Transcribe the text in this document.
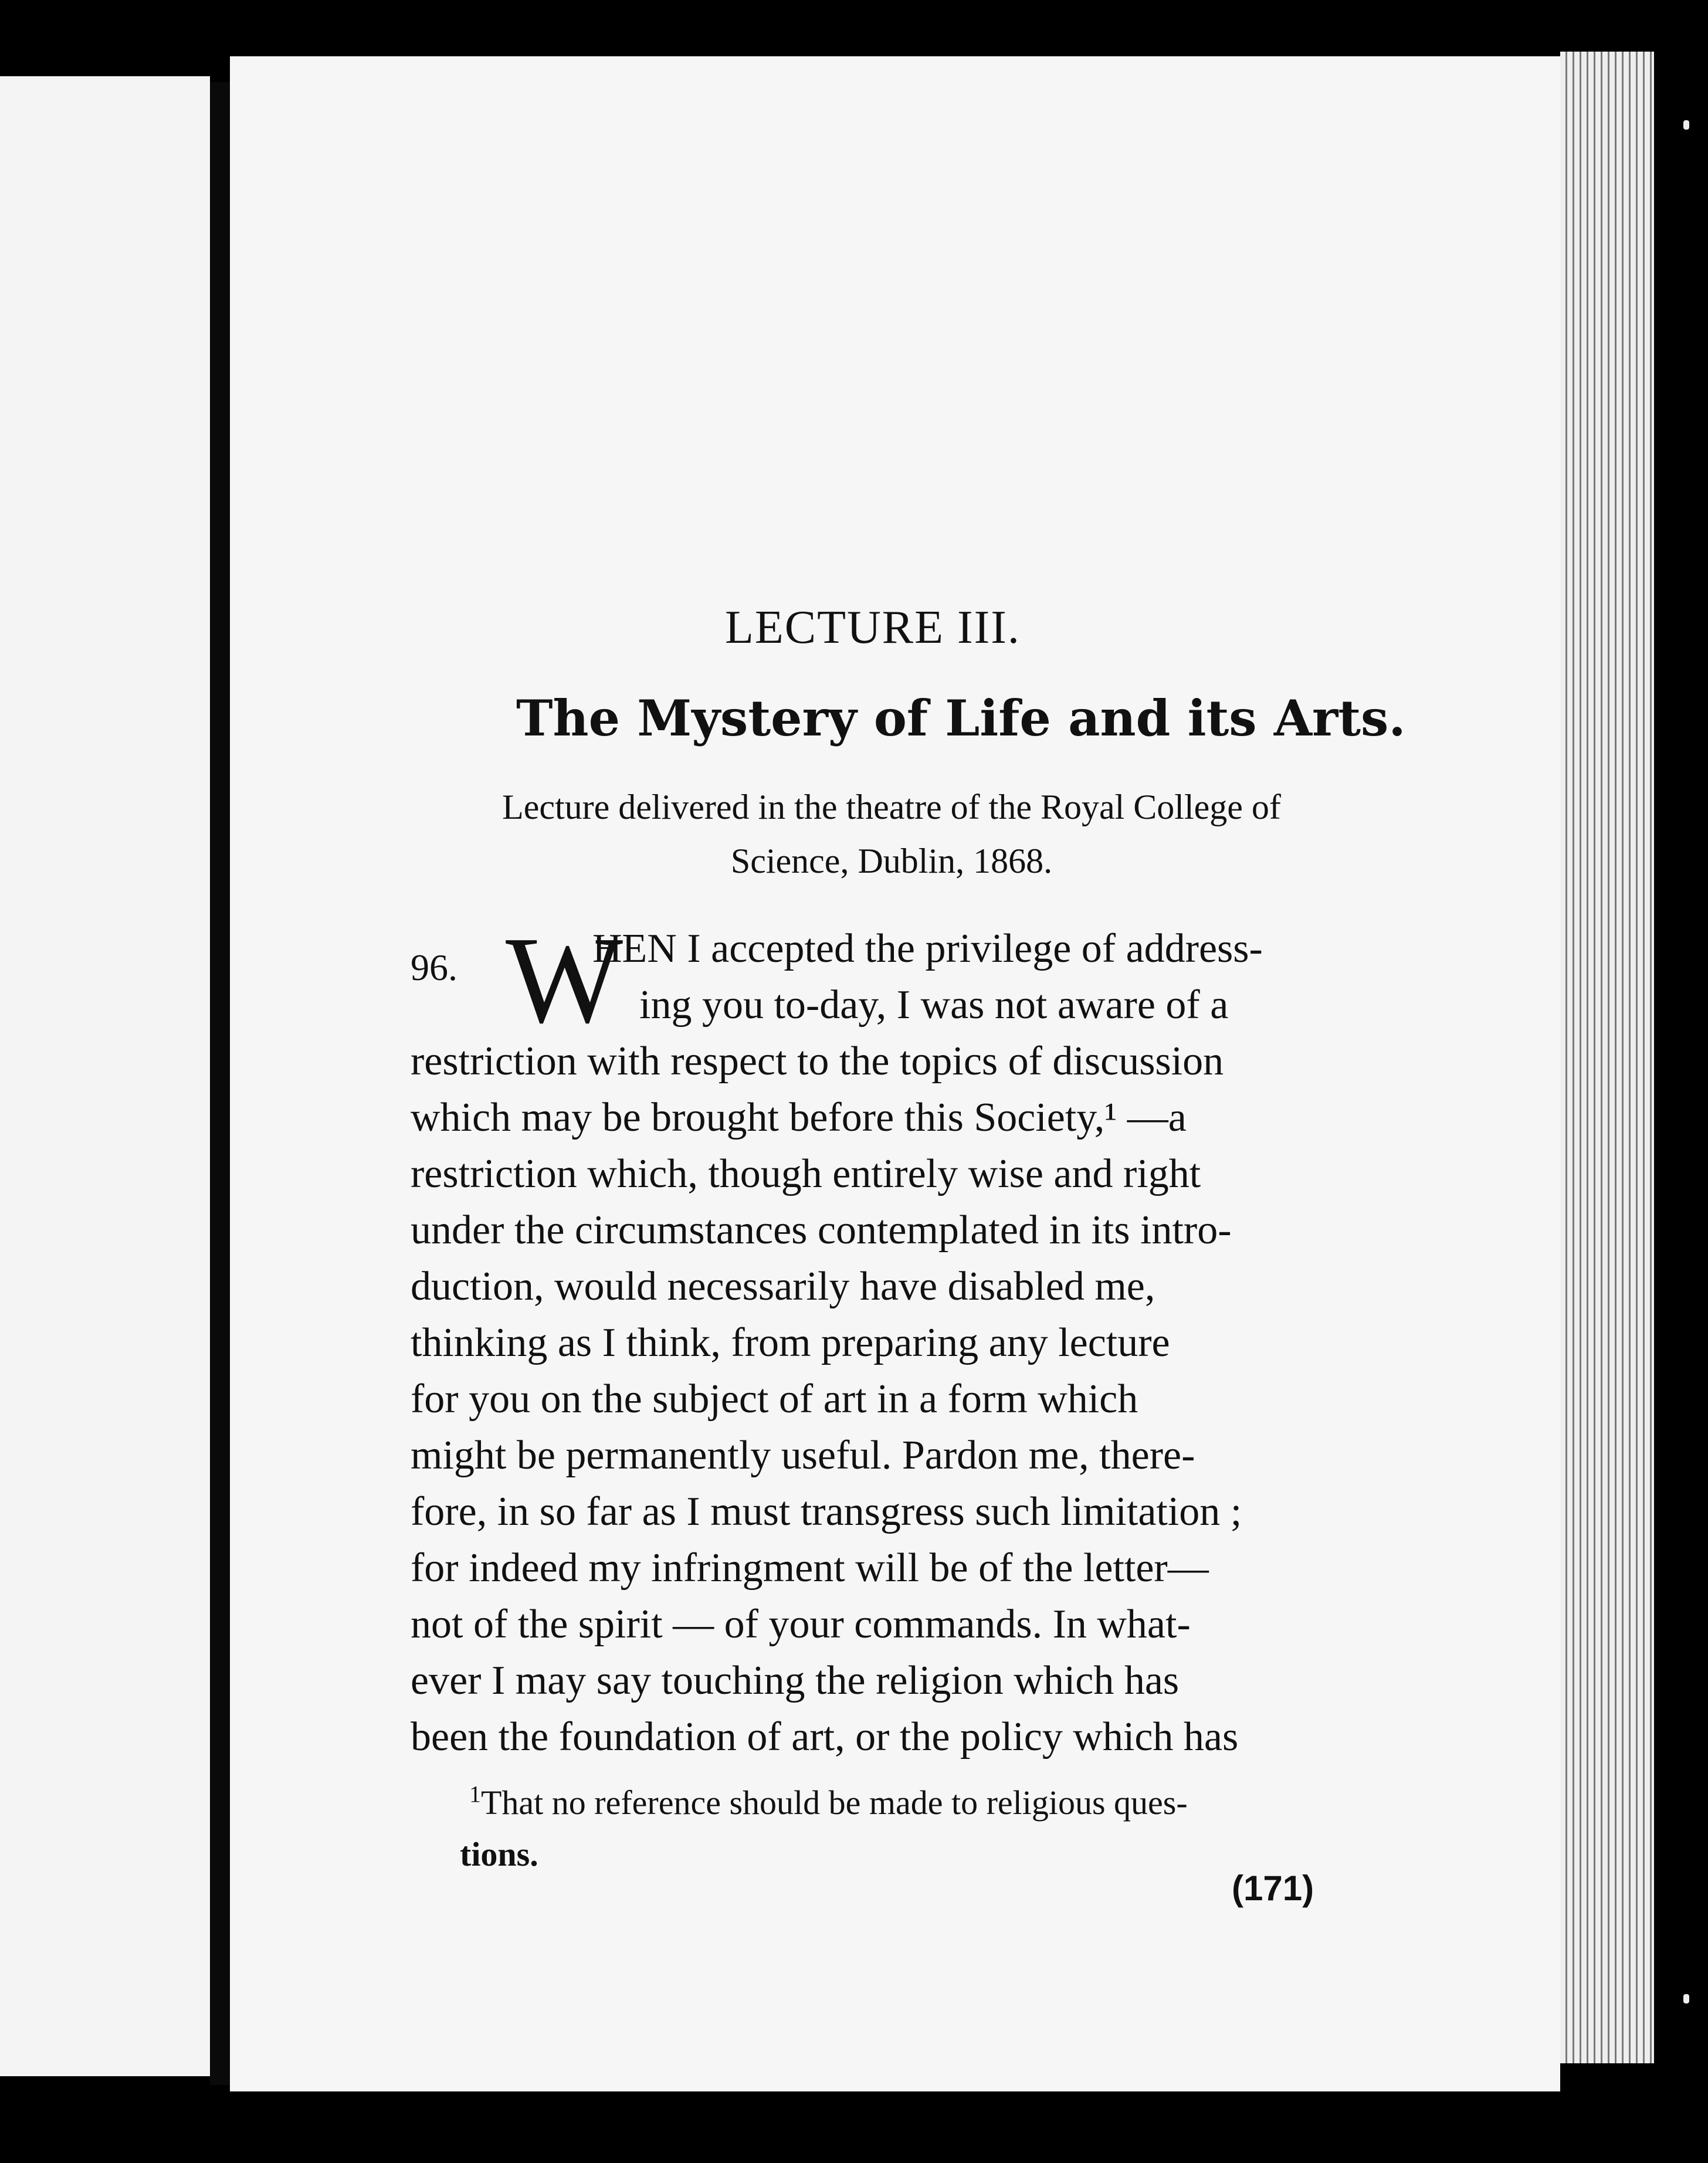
LECTURE III.
The Mystery of Life and its Arts.
Lecture delivered in the theatre of the Royal College of
Science, Dublin, 1868.
96. W
HEN I accepted the privilege of address-
ing you to-day, I was not aware of a
restriction with respect to the topics of discussion
which may be brought before this Society,¹ —a
restriction which, though entirely wise and right
under the circumstances contemplated in its intro-
duction, would necessarily have disabled me,
thinking as I think, from preparing any lecture
for you on the subject of art in a form which
might be permanently useful. Pardon me, there-
fore, in so far as I must transgress such limitation ;
for indeed my infringment will be of the letter—
not of the spirit — of your commands. In what-
ever I may say touching the religion which has
been the foundation of art, or the policy which has
$^1$That no reference should be made to religious ques-
tions.
(171)
